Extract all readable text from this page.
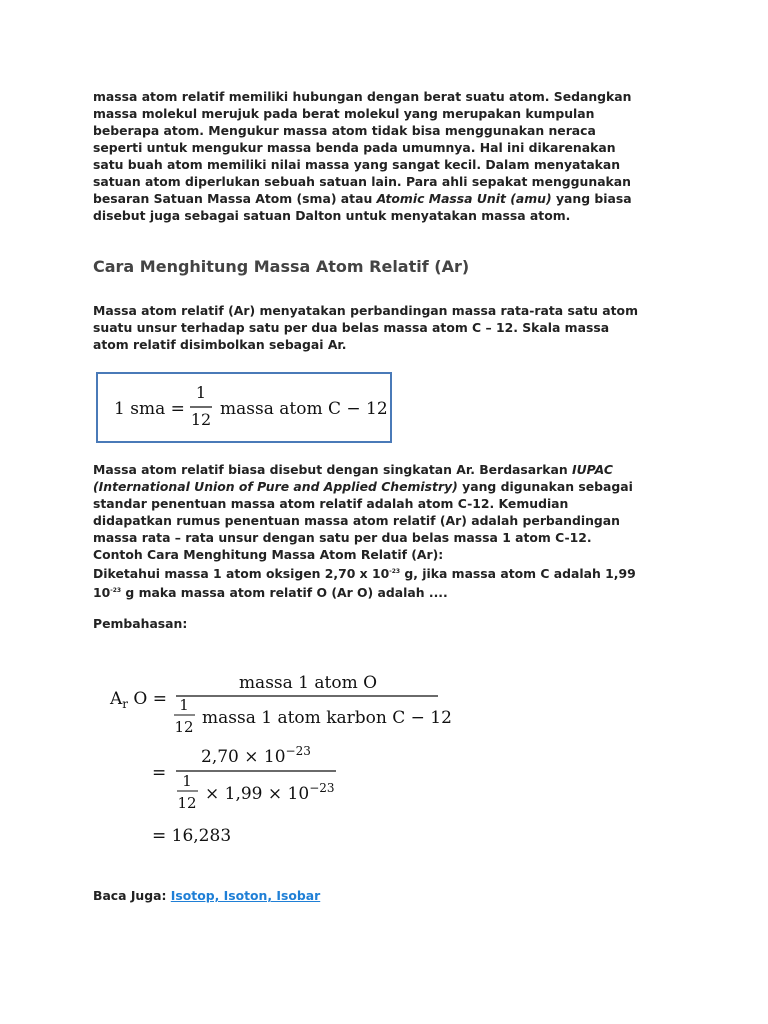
massa atom relatif memiliki hubungan dengan berat suatu atom. Sedangkan
massa molekul merujuk pada berat molekul yang merupakan kumpulan
beberapa atom. Mengukur massa atom tidak bisa menggunakan neraca
seperti untuk mengukur massa benda pada umumnya. Hal ini dikarenakan
satu buah atom memiliki nilai massa yang sangat kecil. Dalam menyatakan
satuan atom diperlukan sebuah satuan lain. Para ahli sepakat menggunakan
besaran Satuan Massa Atom (sma) atau Atomic Massa Unit (amu) yang biasa
disebut juga sebagai satuan Dalton untuk menyatakan massa atom.
Cara Menghitung Massa Atom Relatif (Ar)
Massa atom relatif (Ar) menyatakan perbandingan massa rata-rata satu atom
suatu unsur terhadap satu per dua belas massa atom C – 12. Skala massa
atom relatif disimbolkan sebagai Ar.
1 sma =
1
12
massa atom C − 12
Massa atom relatif biasa disebut dengan singkatan Ar. Berdasarkan IUPAC
(International Union of Pure and Applied Chemistry) yang digunakan sebagai
standar penentuan massa atom relatif adalah atom C-12. Kemudian
didapatkan rumus penentuan massa atom relatif (Ar) adalah perbandingan
massa rata – rata unsur dengan satu per dua belas massa 1 atom C-12.
Contoh Cara Menghitung Massa Atom Relatif (Ar):
Diketahui massa 1 atom oksigen 2,70 x $10^{-23}$ g, jika massa atom C adalah 1,99
$10^{-23}$ g maka massa atom relatif O (Ar O) adalah ....
Pembahasan:
$A_r$ O =
massa 1 atom O
1
12 massa 1 atom karbon C − 12
=
$2,70 \times 10^{-23}$
1
$12 \times 1,99 \times 10^{-23}$
= 16,283
Baca Juga: Isotop, Isoton, Isobar
